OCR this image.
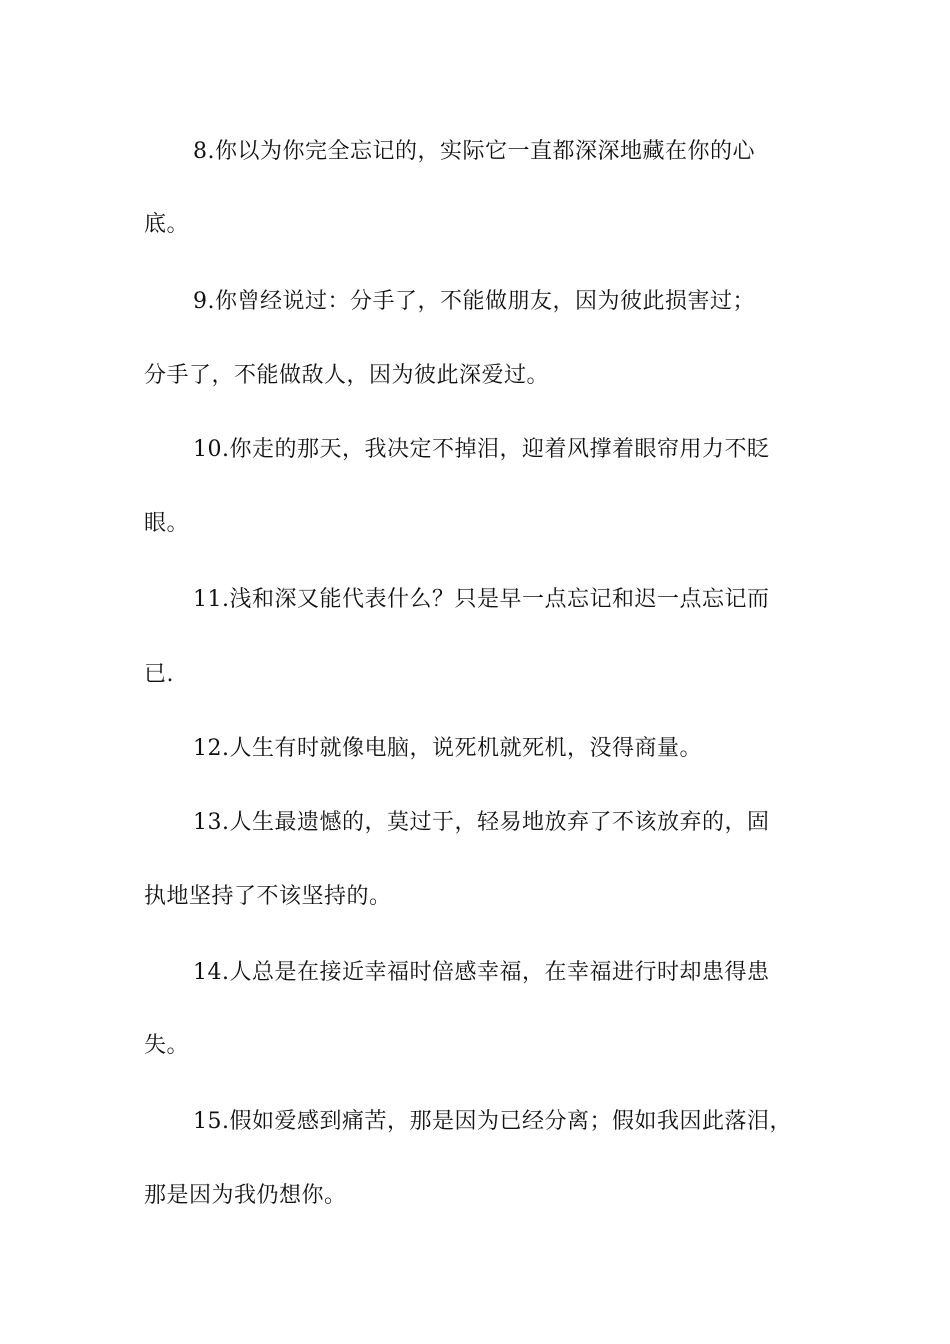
8.你以为你完全忘记的，实际它一直都深深地藏在你的心
底。
9.你曾经说过：分手了，不能做朋友，因为彼此损害过；
分手了，不能做敌人，因为彼此深爱过。
10.你走的那天，我决定不掉泪，迎着风撑着眼帘用力不眨
眼。
11.浅和深又能代表什么？只是早一点忘记和迟一点忘记而
已.
12.人生有时就像电脑，说死机就死机，没得商量。
13.人生最遗憾的，莫过于，轻易地放弃了不该放弃的，固
执地坚持了不该坚持的。
14.人总是在接近幸福时倍感幸福，在幸福进行时却患得患
失。
15.假如爱感到痛苦，那是因为已经分离；假如我因此落泪，
那是因为我仍想你。
